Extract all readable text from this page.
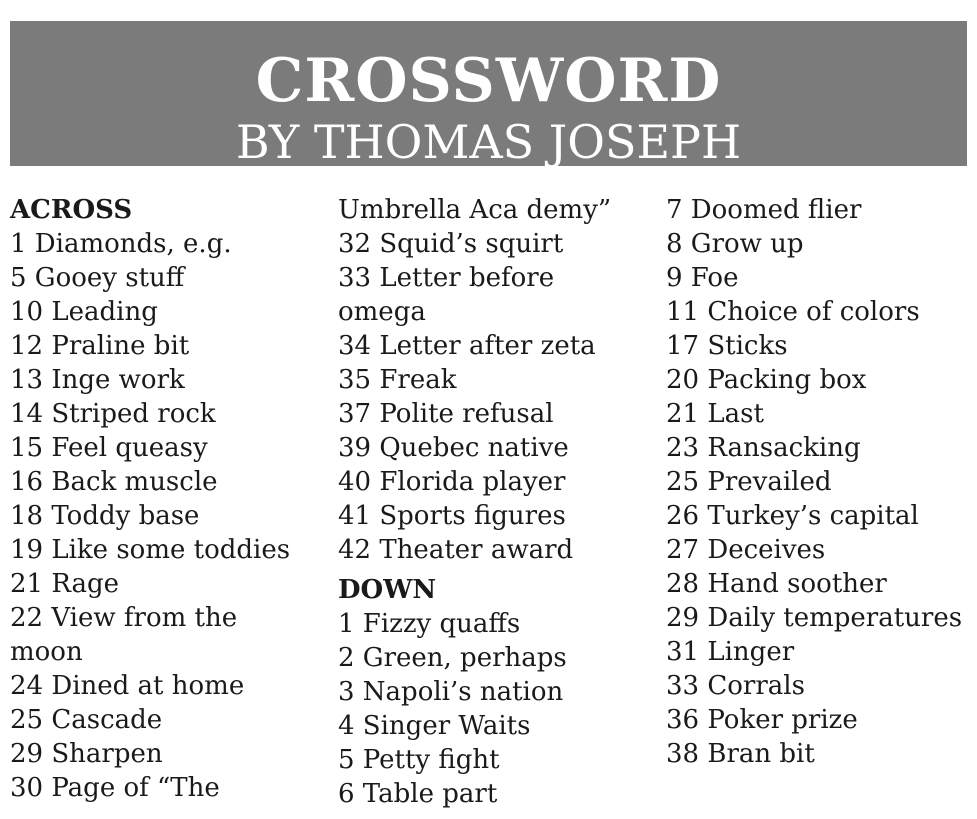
CROSSWORD
BY THOMAS JOSEPH
ACROSS
1 Diamonds, e.g.
5 Gooey stuff
10 Leading
12 Praline bit
13 Inge work
14 Striped rock
15 Feel queasy
16 Back muscle
18 Toddy base
19 Like some toddies
21 Rage
22 View from the
moon
24 Dined at home
25 Cascade
29 Sharpen
30 Page of “The
Umbrella Aca demy”
32 Squid’s squirt
33 Letter before
omega
34 Letter after zeta
35 Freak
37 Polite refusal
39 Quebec native
40 Florida player
41 Sports figures
42 Theater award
DOWN
1 Fizzy quaffs
2 Green, perhaps
3 Napoli’s nation
4 Singer Waits
5 Petty fight
6 Table part
7 Doomed flier
8 Grow up
9 Foe
11 Choice of colors
17 Sticks
20 Packing box
21 Last
23 Ransacking
25 Prevailed
26 Turkey’s capital
27 Deceives
28 Hand soother
29 Daily temperatures
31 Linger
33 Corrals
36 Poker prize
38 Bran bit
